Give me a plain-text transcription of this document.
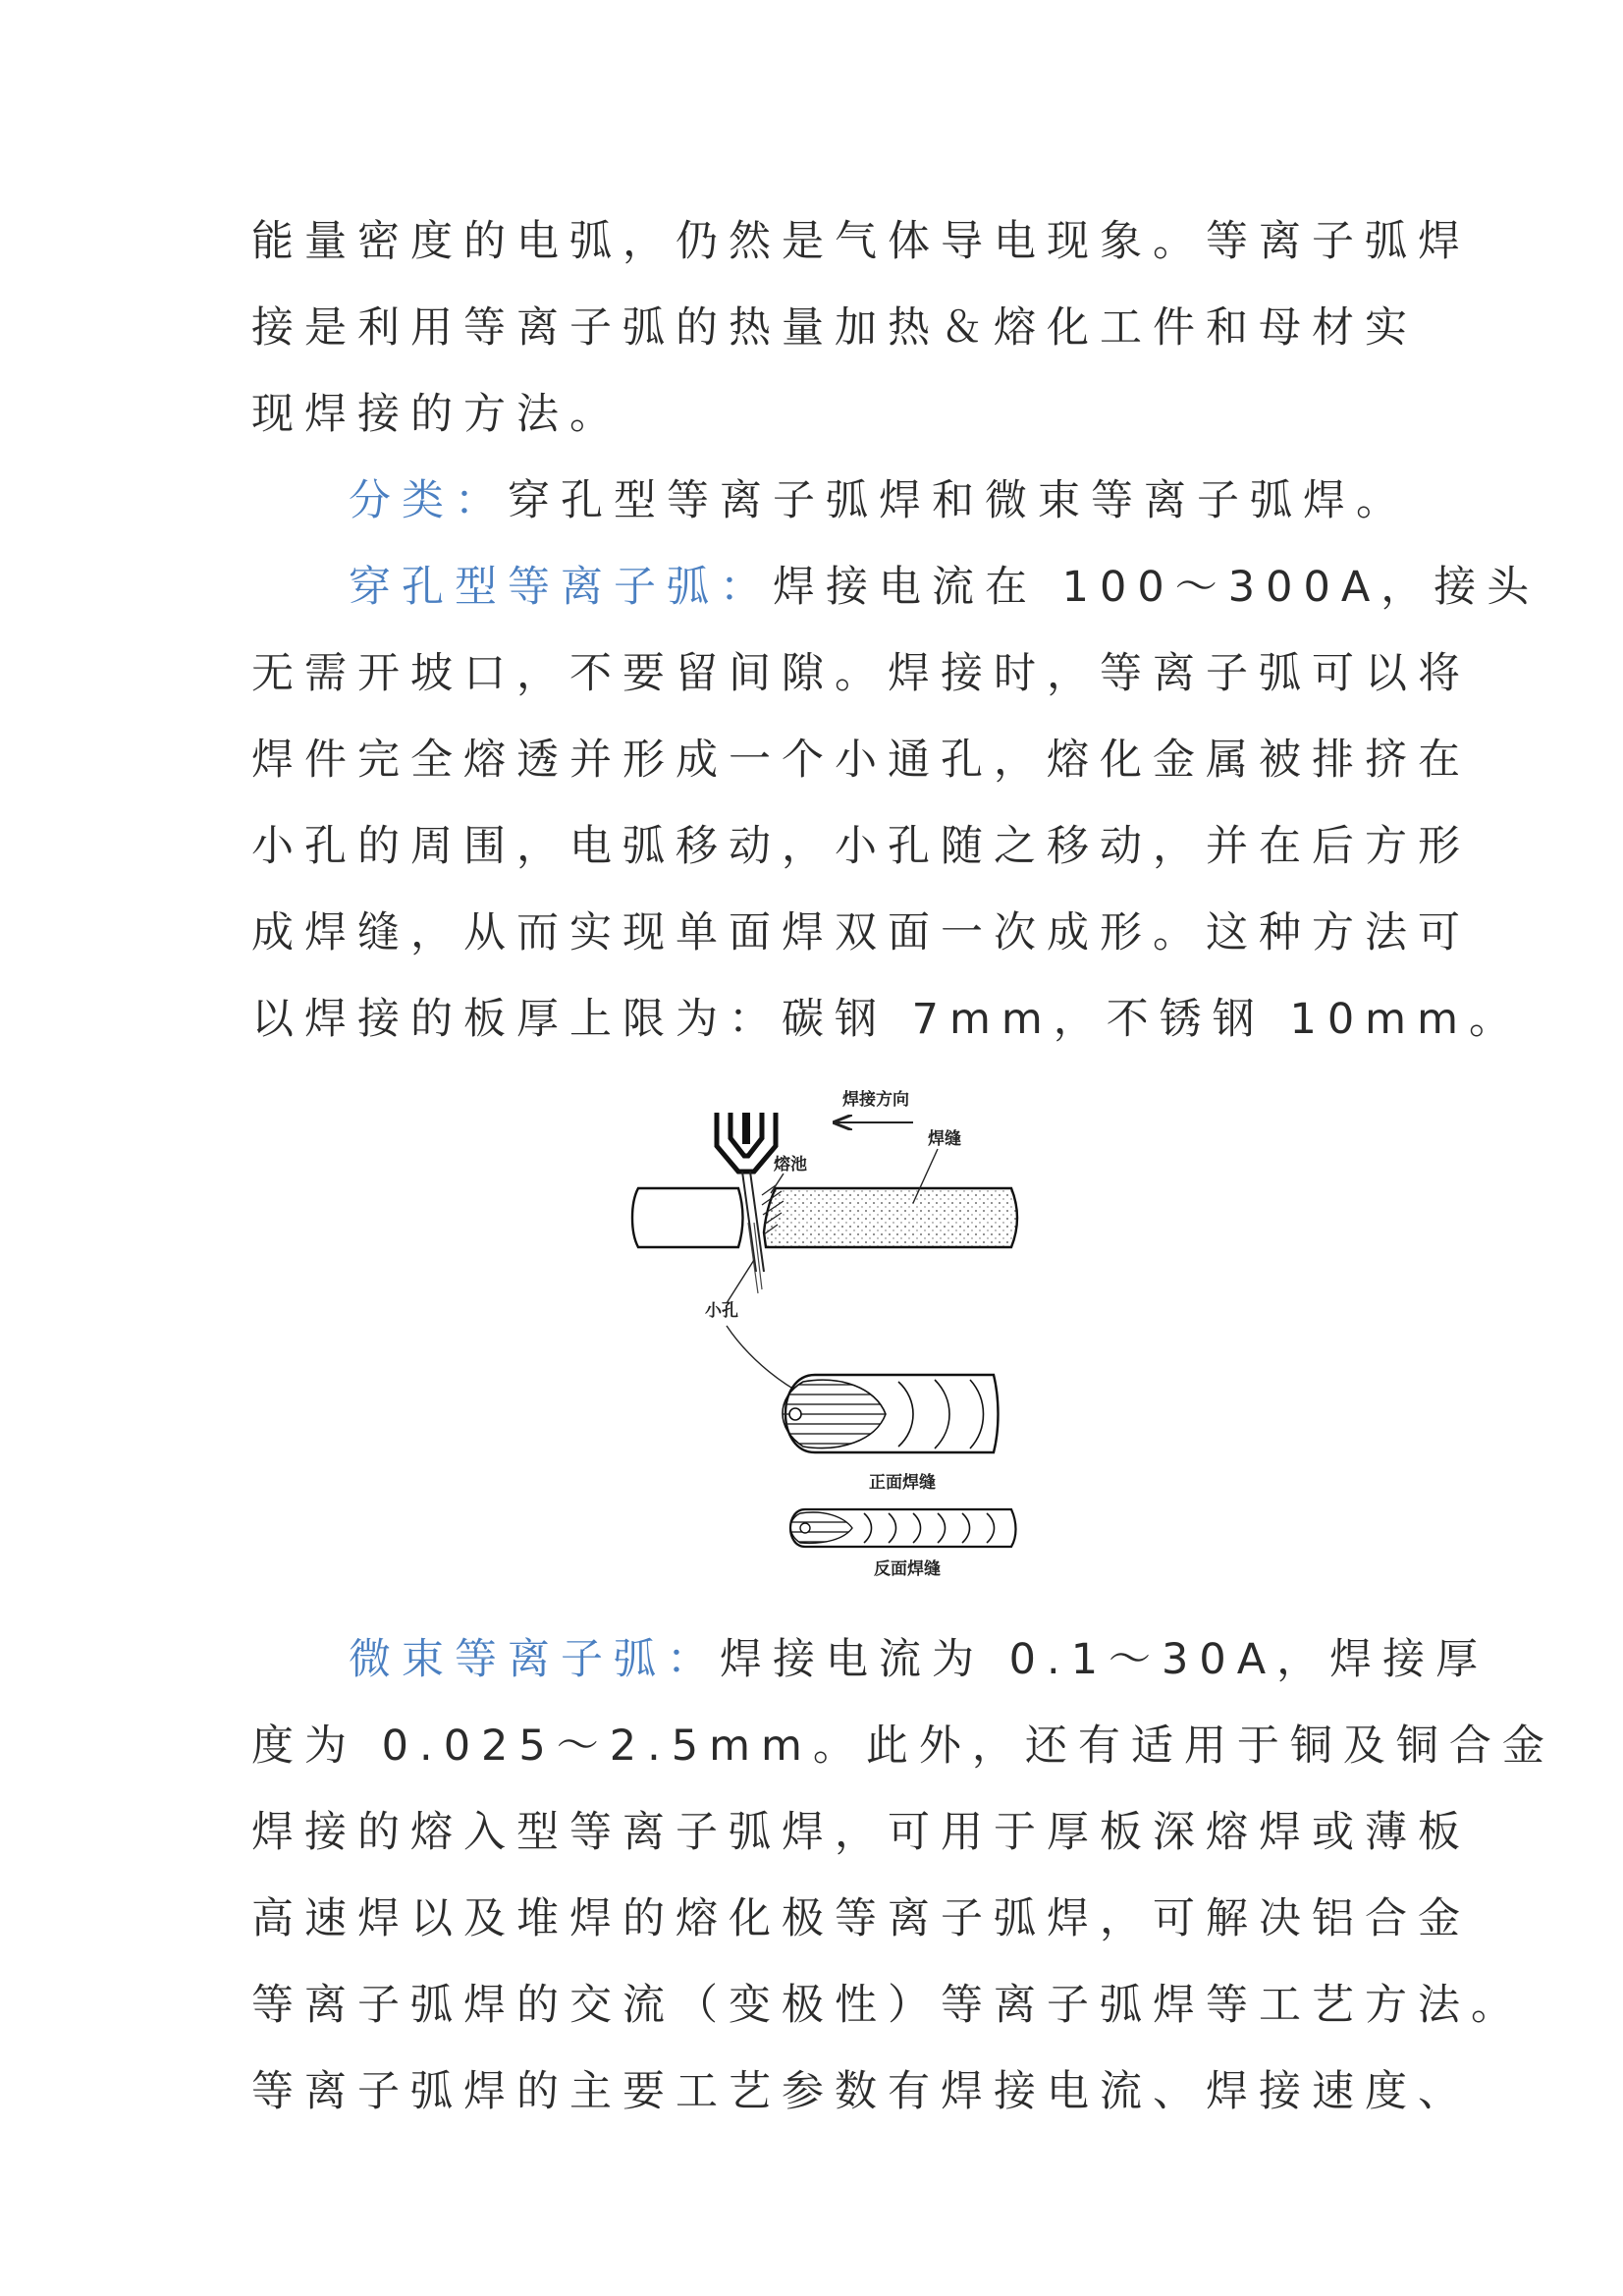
能量密度的电弧，仍然是气体导电现象。等离子弧焊
接是利用等离子弧的热量加热＆熔化工件和母材实
现焊接的方法。
分类：穿孔型等离子弧焊和微束等离子弧焊。
穿孔型等离子弧：焊接电流在 100～300A，接头
无需开坡口，不要留间隙。焊接时，等离子弧可以将
焊件完全熔透并形成一个小通孔，熔化金属被排挤在
小孔的周围，电弧移动，小孔随之移动，并在后方形
成焊缝，从而实现单面焊双面一次成形。这种方法可
以焊接的板厚上限为：碳钢 7mm，不锈钢 10mm。
焊接方向
熔池
焊缝
小孔
正面焊缝
反面焊缝
微束等离子弧：焊接电流为 0.1～30A，焊接厚
度为 0.025～2.5mm。此外，还有适用于铜及铜合金
焊接的熔入型等离子弧焊，可用于厚板深熔焊或薄板
高速焊以及堆焊的熔化极等离子弧焊，可解决铝合金
等离子弧焊的交流（变极性）等离子弧焊等工艺方法。
等离子弧焊的主要工艺参数有焊接电流、焊接速度、
